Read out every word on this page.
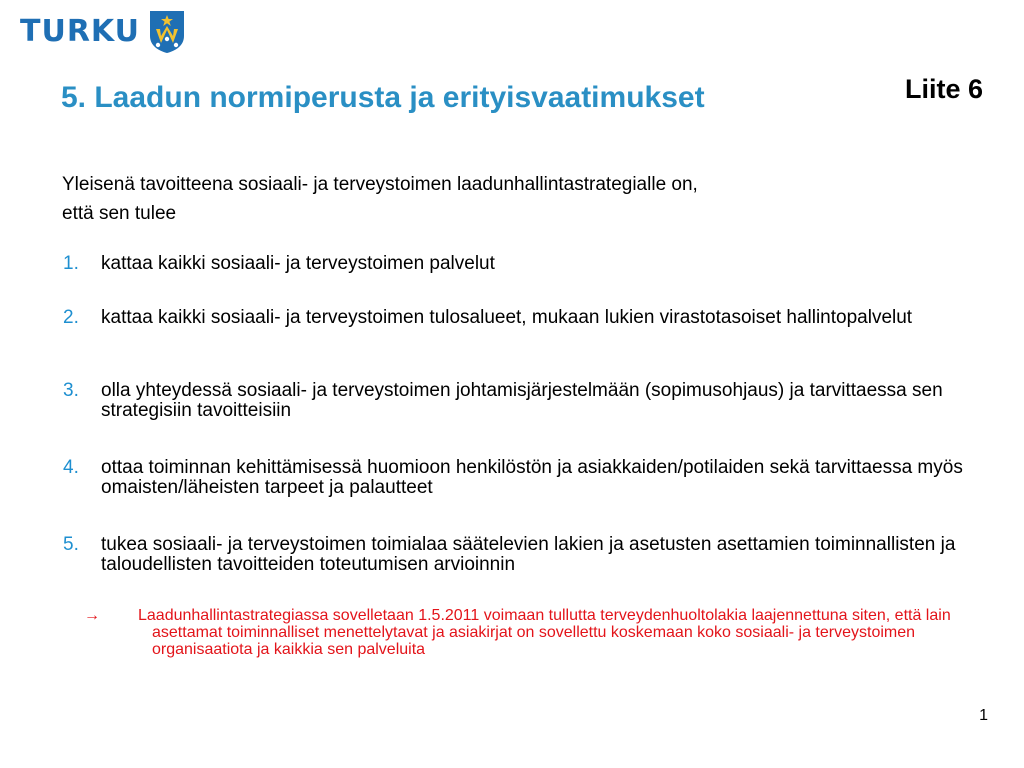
TURKU
Liite 6
5. Laadun normiperusta ja erityisvaatimukset

Yleisenä tavoitteena sosiaali- ja terveystoimen laadunhallintastrategialle on,

että sen tulee

1.	kattaa kaikki sosiaali- ja terveystoimen palvelut
2.	kattaa kaikki sosiaali- ja terveystoimen tulosalueet, mukaan lukien virastotasoiset hallintopalvelut
3.	olla yhteydessä sosiaali- ja terveystoimen johtamisjärjestelmään (sopimusohjaus) ja tarvittaessa sen strategisiin tavoitteisiin
4.	ottaa toiminnan kehittämisessä huomioon henkilöstön ja asiakkaiden/potilaiden sekä tarvittaessa myös omaisten/läheisten tarpeet ja palautteet
5.	tukea sosiaali- ja terveystoimen toimialaa säätelevien lakien ja asetusten asettamien toiminnallisten ja taloudellisten tavoitteiden toteutumisen arvioinnin
→ Laadunhallintastrategiassa sovelletaan 1.5.2011 voimaan tullutta terveydenhuoltolakia laajennettuna siten, että lain asettamat toiminnalliset menettelytavat ja asiakirjat on sovellettu koskemaan koko sosiaali- ja terveystoimen organisaatiota ja kaikkia sen palveluita
1
